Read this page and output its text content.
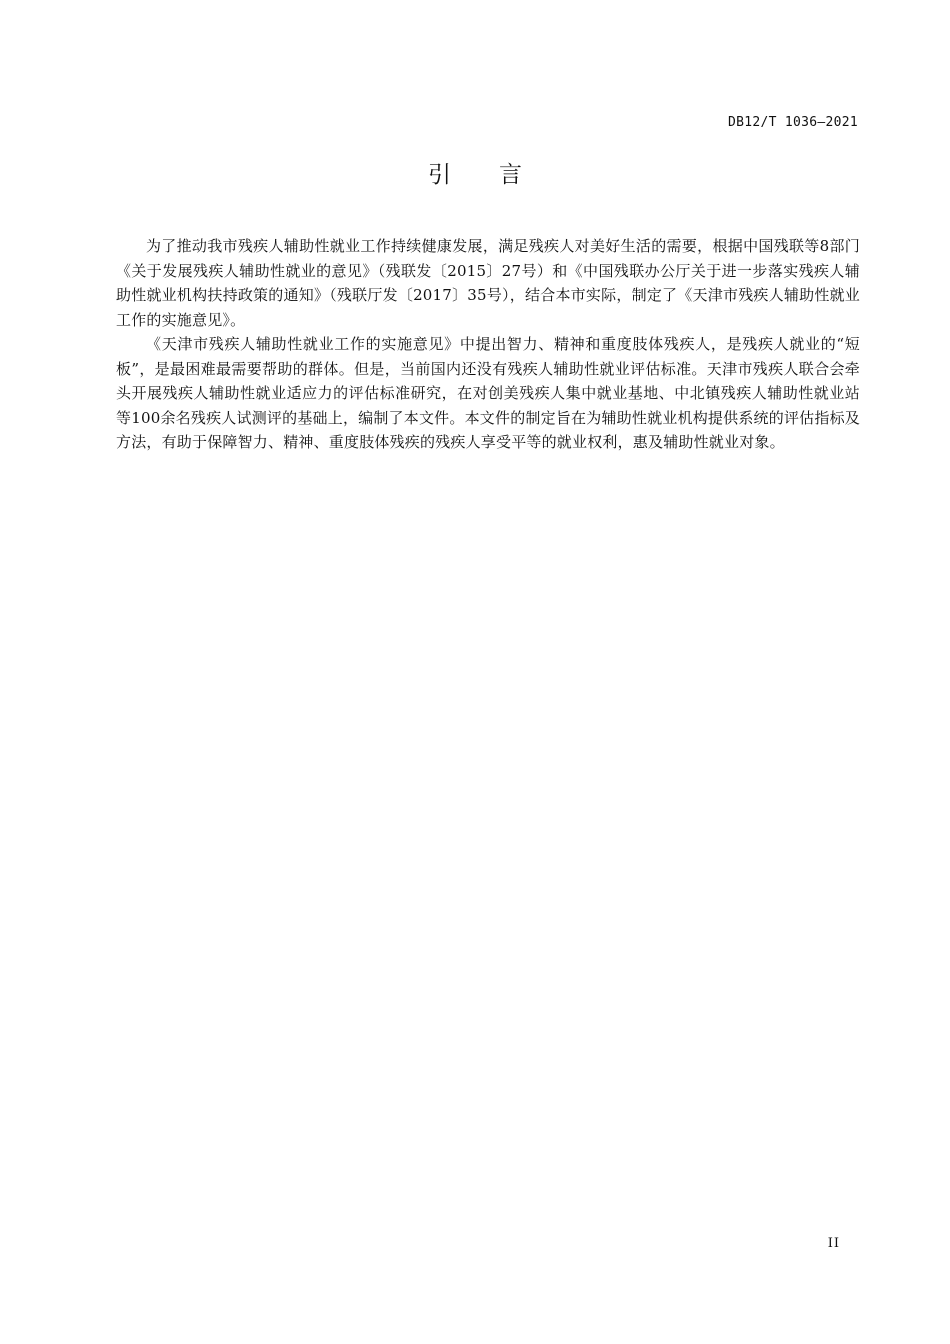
DB12/T 1036—2021
引言

为了推动我市残疾人辅助性就业工作持续健康发展，满足残疾人对美好生活的需要，根据中国残联等8部门《关于发展残疾人辅助性就业的意见》（残联发〔2015〕27号）和《中国残联办公厅关于进一步落实残疾人辅助性就业机构扶持政策的通知》（残联厅发〔2017〕35号），结合本市实际，制定了《天津市残疾人辅助性就业工作的实施意见》。

《天津市残疾人辅助性就业工作的实施意见》中提出智力、精神和重度肢体残疾人，是残疾人就业的“短板”，是最困难最需要帮助的群体。但是，当前国内还没有残疾人辅助性就业评估标准。天津市残疾人联合会牵头开展残疾人辅助性就业适应力的评估标准研究，在对创美残疾人集中就业基地、中北镇残疾人辅助性就业站等100余名残疾人试测评的基础上，编制了本文件。本文件的制定旨在为辅助性就业机构提供系统的评估指标及方法，有助于保障智力、精神、重度肢体残疾的残疾人享受平等的就业权利，惠及辅助性就业对象。

II
